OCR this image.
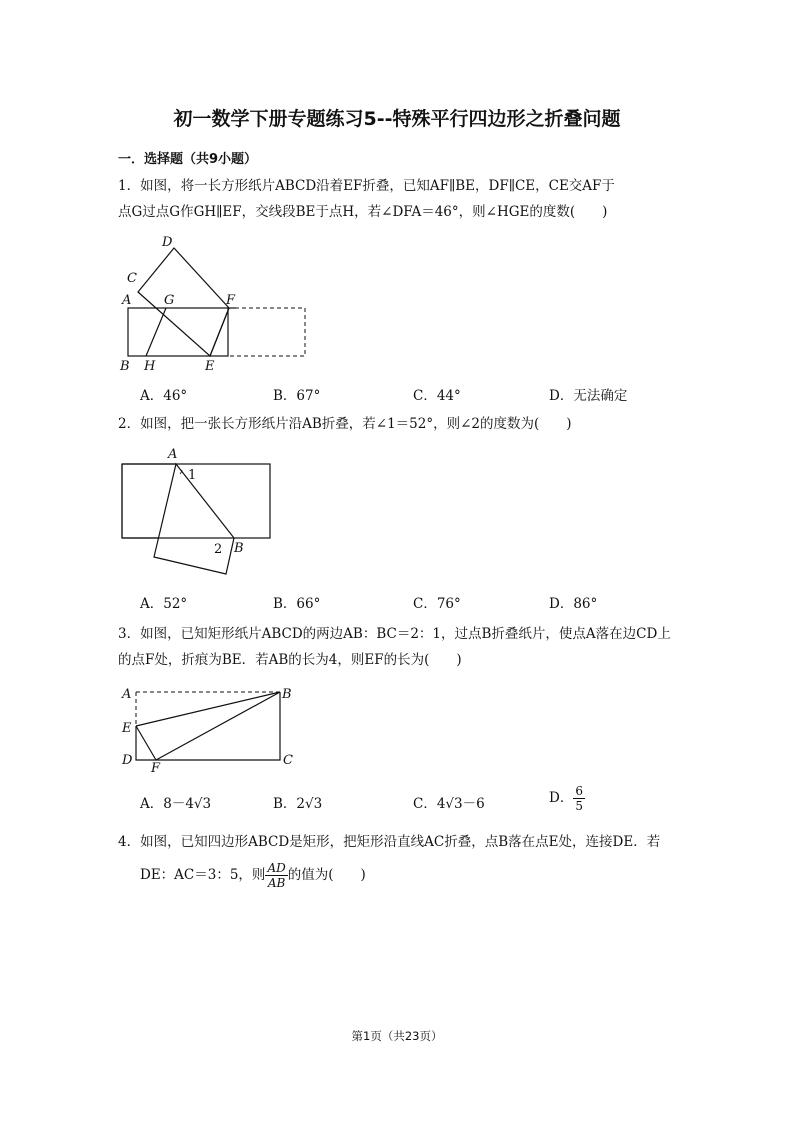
初一数学下册专题练习5--特殊平行四边形之折叠问题
一．选择题（共9小题）
1．如图，将一长方形纸片ABCD沿着EF折叠，已知AF∥BE，DF∥CE，CE交AF于
点G过点G作GH∥EF，交线段BE于点H，若∠DFA＝46°，则∠HGE的度数(　　)
D
C
A	G	F
B H	E
A．46°	B．67°	C．44°	D．无法确定
2．如图，把一张长方形纸片沿AB折叠，若∠1＝52°，则∠2的度数为(　　)
A
1
2 B
A．52°	B．66°	C．76°	D．86°
3．如图，已知矩形纸片ABCD的两边AB：BC＝2：1，过点B折叠纸片，使点A落在边CD上
的点F处，折痕为BE．若AB的长为4，则EF的长为(　　)
A	B
E
D
F
C
A．8－4√3	B．2√3	C．4√3－6	D． $\frac{6}{5}$
4．如图，已知四边形ABCD是矩形，把矩形沿直线AC折叠，点B落在点E处，连接DE．若
DE：AC＝3：5，则 $\frac{AD}{AB}$ 的值为(　　)
第1页（共23页）
